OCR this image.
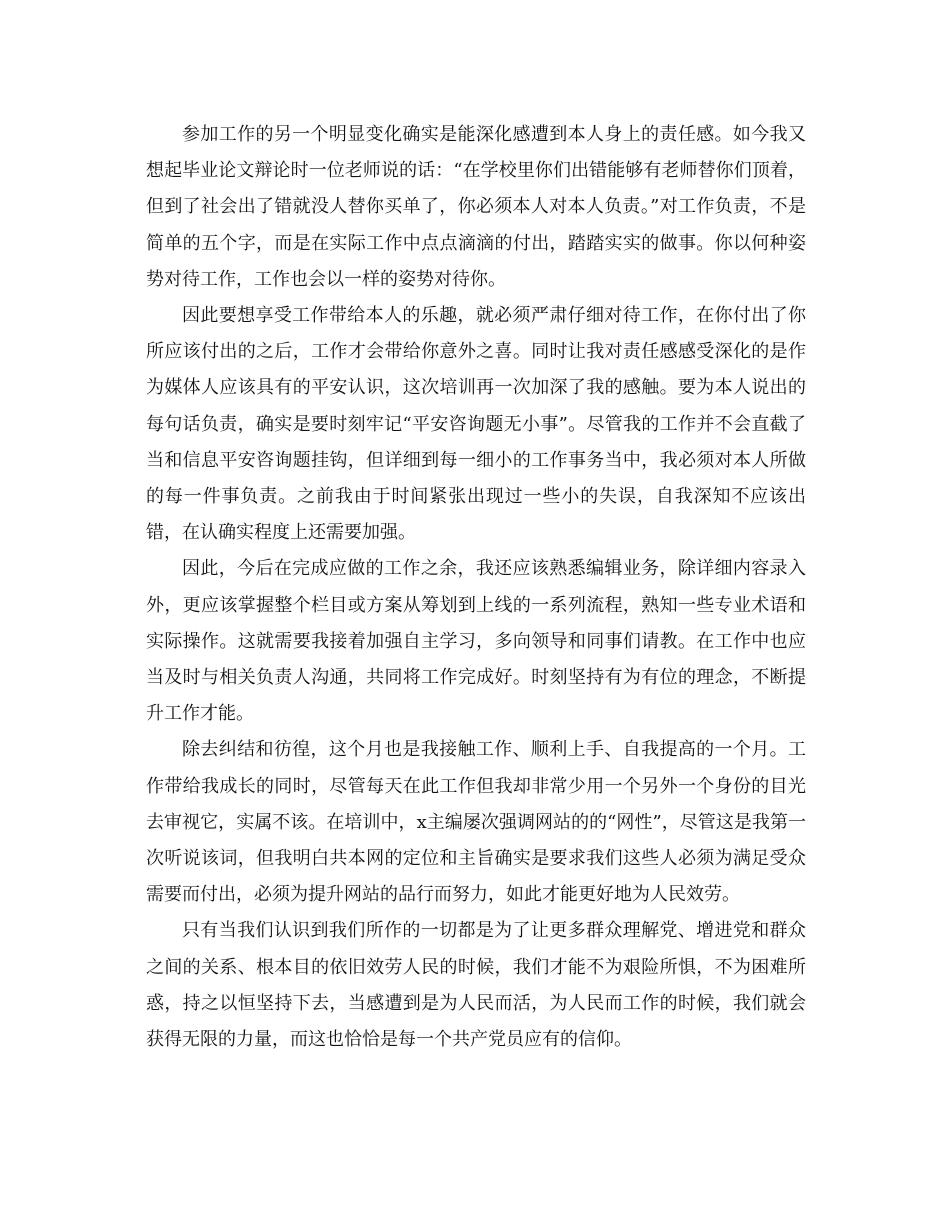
参加工作的另一个明显变化确实是能深化感遭到本人身上的责任感。如今我又想起毕业论文辩论时一位老师说的话：“在学校里你们出错能够有老师替你们顶着，但到了社会出了错就没人替你买单了，你必须本人对本人负责。”对工作负责，不是简单的五个字，而是在实际工作中点点滴滴的付出，踏踏实实的做事。你以何种姿势对待工作，工作也会以一样的姿势对待你。

因此要想享受工作带给本人的乐趣，就必须严肃仔细对待工作，在你付出了你所应该付出的之后，工作才会带给你意外之喜。同时让我对责任感感受深化的是作为媒体人应该具有的平安认识，这次培训再一次加深了我的感触。要为本人说出的每句话负责，确实是要时刻牢记“平安咨询题无小事”。尽管我的工作并不会直截了当和信息平安咨询题挂钩，但详细到每一细小的工作事务当中，我必须对本人所做的每一件事负责。之前我由于时间紧张出现过一些小的失误，自我深知不应该出错，在认确实程度上还需要加强。

因此，今后在完成应做的工作之余，我还应该熟悉编辑业务，除详细内容录入外，更应该掌握整个栏目或方案从筹划到上线的一系列流程，熟知一些专业术语和实际操作。这就需要我接着加强自主学习，多向领导和同事们请教。在工作中也应当及时与相关负责人沟通，共同将工作完成好。时刻坚持有为有位的理念，不断提升工作才能。

除去纠结和彷徨，这个月也是我接触工作、顺利上手、自我提高的一个月。工作带给我成长的同时，尽管每天在此工作但我却非常少用一个另外一个身份的目光去审视它，实属不该。在培训中，x主编屡次强调网站的的“网性”，尽管这是我第一次听说该词，但我明白共本网的定位和主旨确实是要求我们这些人必须为满足受众需要而付出，必须为提升网站的品行而努力，如此才能更好地为人民效劳。

只有当我们认识到我们所作的一切都是为了让更多群众理解党、增进党和群众之间的关系、根本目的依旧效劳人民的时候，我们才能不为艰险所惧，不为困难所惑，持之以恒坚持下去，当感遭到是为人民而活，为人民而工作的时候，我们就会获得无限的力量，而这也恰恰是每一个共产党员应有的信仰。
